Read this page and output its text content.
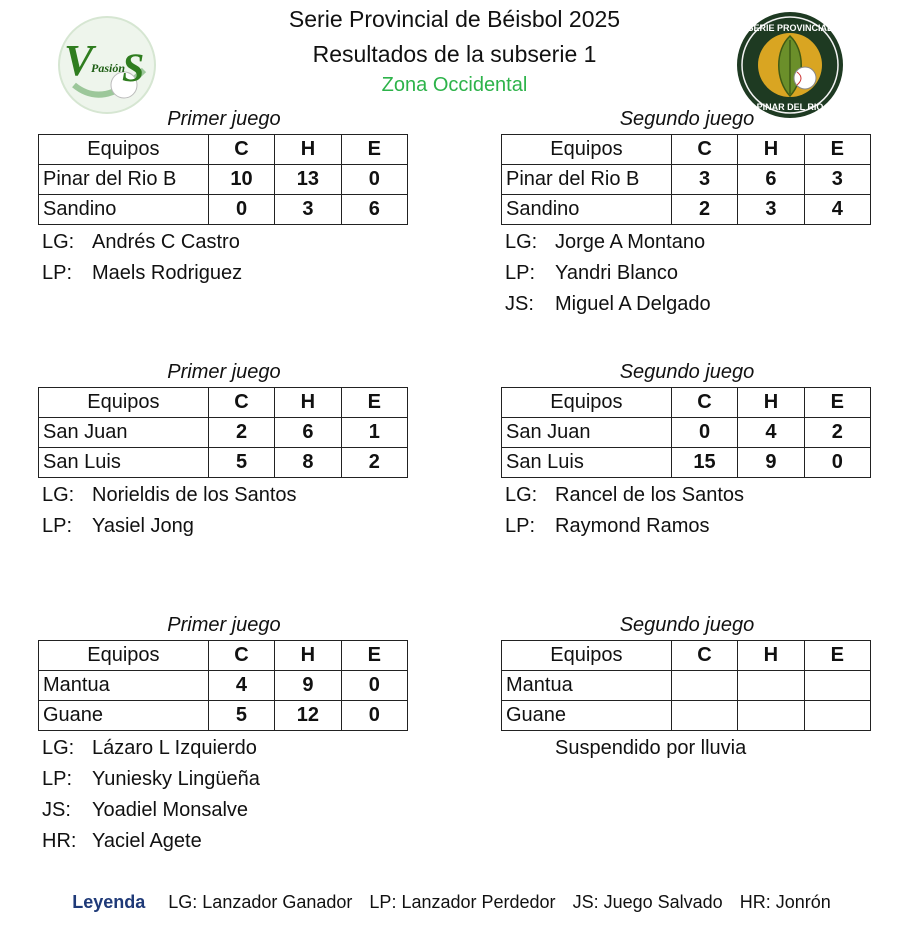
Serie Provincial de Béisbol 2025
Resultados de la subserie 1
Zona Occidental
V S
Pasión
SERIE PROVINCIAL
PINAR DEL RIO
Primer juego
Equipos	C	H	E
Pinar del Rio B	10	13	0
Sandino	0	3	6
LG: Andrés C Castro
LP: Maels Rodriguez
Segundo juego
Equipos	C	H	E
Pinar del Rio B	3	6	3
Sandino	2	3	4
LG: Jorge A Montano
LP: Yandri Blanco
JS: Miguel A Delgado
Primer juego
Equipos	C	H	E
San Juan	2	6	1
San Luis	5	8	2
LG: Norieldis de los Santos
LP: Yasiel Jong
Segundo juego
Equipos	C	H	E
San Juan	0	4	2
San Luis	15	9	0
LG: Rancel de los Santos
LP: Raymond Ramos
Primer juego
Equipos	C	H	E
Mantua	4	9	0
Guane	5	12	0
LG: Lázaro L Izquierdo
LP: Yuniesky Lingüeña
JS: Yoadiel Monsalve
HR: Yaciel Agete
Segundo juego
Equipos	C	H	E
Mantua			
Guane			
Suspendido por lluvia
Leyenda LG: Lanzador Ganador LP: Lanzador Perdedor JS: Juego Salvado HR: Jonrón
